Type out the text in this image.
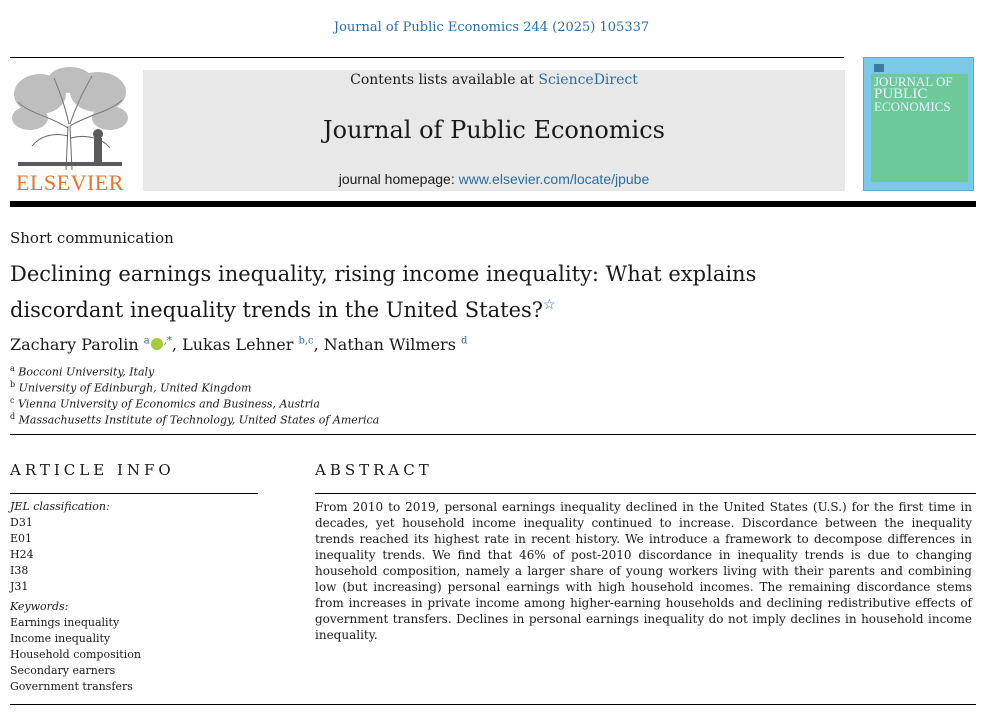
Journal of Public Economics 244 (2025) 105337
ELSEVIER
Contents lists available at ScienceDirect
Journal of Public Economics
journal homepage: www.elsevier.com/locate/jpube
JOURNAL OF
PUBLIC
ECONOMICS
Short communication
Declining earnings inequality, rising income inequality: What explains
discordant inequality trends in the United States?☆
Zachary Parolin $^a$ ,*, Lukas Lehner $^{b,c}$, Nathan Wilmers $^d$
$^a$ Bocconi University, Italy
$^b$ University of Edinburgh, United Kingdom
$^c$ Vienna University of Economics and Business, Austria
$^d$ Massachusetts Institute of Technology, United States of America
ARTICLE INFO	ABSTRACT
JEL classification:
D31
E01
H24
I38
J31
Keywords:
Earnings inequality
Income inequality
Household composition
Secondary earners
Government transfers
From 2010 to 2019, personal earnings inequality declined in the United States (U.S.) for the first time in decades, yet household income inequality continued to increase. Discordance between the inequality trends reached its highest rate in recent history. We introduce a framework to decompose differences in inequality trends. We find that 46% of post-2010 discordance in inequality trends is due to changing household composition, namely a larger share of young workers living with their parents and combining low (but increasing) personal earnings with high household incomes. The remaining discordance stems from increases in private income among higher-earning households and declining redistributive effects of government transfers. Declines in personal earnings inequality do not imply declines in household income inequality.
